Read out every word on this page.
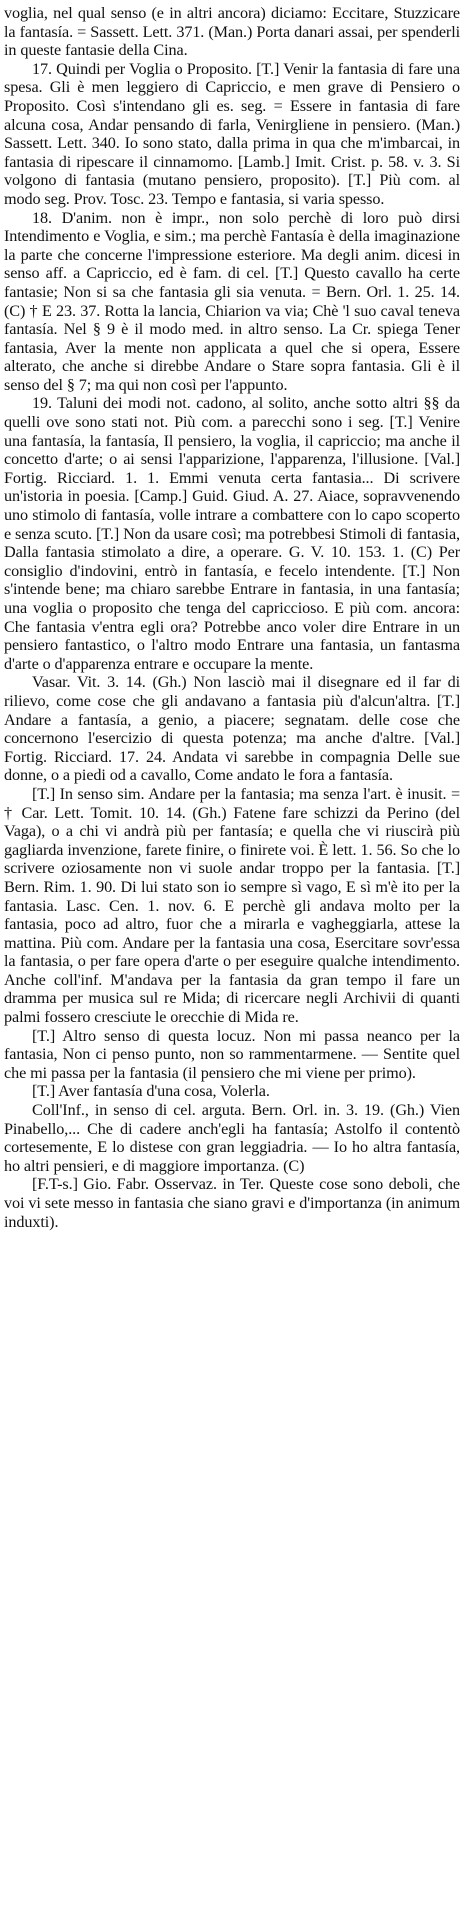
voglia, nel qual senso (e in altri ancora) diciamo: Eccitare, Stuzzicare la fantasía. = Sassett. Lett. 371. (Man.) Porta danari assai, per spenderli in queste fantasie della Cina.

17. Quindi per Voglia o Proposito. [T.] Venir la fantasia di fare una spesa. Gli è men leggiero di Capriccio, e men grave di Pensiero o Proposito. Così s'intendano gli es. seg. = Essere in fantasia di fare alcuna cosa, Andar pensando di farla, Venirgliene in pensiero. (Man.) Sassett. Lett. 340. Io sono stato, dalla prima in qua che m'imbarcai, in fantasia di ripescare il cinnamomo. [Lamb.] Imit. Crist. p. 58. v. 3. Si volgono di fantasia (mutano pensiero, proposito). [T.] Più com. al modo seg. Prov. Tosc. 23. Tempo e fantasia, si varia spesso.

18. D'anim. non è impr., non solo perchè di loro può dirsi Intendimento e Voglia, e sim.; ma perchè Fantasía è della imaginazione la parte che concerne l'impressione esteriore. Ma degli anim. dicesi in senso aff. a Capriccio, ed è fam. di cel. [T.] Questo cavallo ha certe fantasie; Non si sa che fantasia gli sia venuta. = Bern. Orl. 1. 25. 14. (C) † E 23. 37. Rotta la lancia, Chiarion va via; Chè 'l suo caval teneva fantasía. Nel § 9 è il modo med. in altro senso. La Cr. spiega Tener fantasia, Aver la mente non applicata a quel che si opera, Essere alterato, che anche si direbbe Andare o Stare sopra fantasia. Gli è il senso del § 7; ma qui non così per l'appunto.

19. Taluni dei modi not. cadono, al solito, anche sotto altri §§ da quelli ove sono stati not. Più com. a parecchi sono i seg. [T.] Venire una fantasía, la fantasía, Il pensiero, la voglia, il capriccio; ma anche il concetto d'arte; o ai sensi l'apparizione, l'apparenza, l'illusione. [Val.] Fortig. Ricciard. 1. 1. Emmi venuta certa fantasia... Di scrivere un'istoria in poesia. [Camp.] Guid. Giud. A. 27. Aiace, sopravvenendo uno stimolo di fantasía, volle intrare a combattere con lo capo scoperto e senza scuto. [T.] Non da usare così; ma potrebbesi Stimoli di fantasia, Dalla fantasia stimolato a dire, a operare. G. V. 10. 153. 1. (C) Per consiglio d'indovini, entrò in fantasía, e fecelo intendente. [T.] Non s'intende bene; ma chiaro sarebbe Entrare in fantasia, in una fantasía; una voglia o proposito che tenga del capriccioso. E più com. ancora: Che fantasia v'entra egli ora? Potrebbe anco voler dire Entrare in un pensiero fantastico, o l'altro modo Entrare una fantasia, un fantasma d'arte o d'apparenza entrare e occupare la mente.

Vasar. Vit. 3. 14. (Gh.) Non lasciò mai il disegnare ed il far di rilievo, come cose che gli andavano a fantasia più d'alcun'altra. [T.] Andare a fantasía, a genio, a piacere; segnatam. delle cose che concernono l'esercizio di questa potenza; ma anche d'altre. [Val.] Fortig. Ricciard. 17. 24. Andata vi sarebbe in compagnia Delle sue donne, o a piedi od a cavallo, Come andato le fora a fantasía.

[T.] In senso sim. Andare per la fantasia; ma senza l'art. è inusit. = † Car. Lett. Tomit. 10. 14. (Gh.) Fatene fare schizzi da Perino (del Vaga), o a chi vi andrà più per fantasía; e quella che vi riuscirà più gagliarda invenzione, farete finire, o finirete voi. È lett. 1. 56. So che lo scrivere oziosamente non vi suole andar troppo per la fantasia. [T.] Bern. Rim. 1. 90. Di lui stato son io sempre sì vago, E sì m'è ito per la fantasia. Lasc. Cen. 1. nov. 6. E perchè gli andava molto per la fantasia, poco ad altro, fuor che a mirarla e vagheggiarla, attese la mattina. Più com. Andare per la fantasia una cosa, Esercitare sovr'essa la fantasia, o per fare opera d'arte o per eseguire qualche intendimento. Anche coll'inf. M'andava per la fantasia da gran tempo il fare un dramma per musica sul re Mida; di ricercare negli Archivii di quanti palmi fossero cresciute le orecchie di Mida re.

[T.] Altro senso di questa locuz. Non mi passa neanco per la fantasia, Non ci penso punto, non so rammentarmene. — Sentite quel che mi passa per la fantasia (il pensiero che mi viene per primo).

[T.] Aver fantasía d'una cosa, Volerla.

Coll'Inf., in senso di cel. arguta. Bern. Orl. in. 3. 19. (Gh.) Vien Pinabello,... Che di cadere anch'egli ha fantasía; Astolfo il contentò cortesemente, E lo distese con gran leggiadria. — Io ho altra fantasía, ho altri pensieri, e di maggiore importanza. (C)

[F.T-s.] Gio. Fabr. Osservaz. in Ter. Queste cose sono deboli, che voi vi sete messo in fantasia che siano gravi e d'importanza (in animum induxti).
